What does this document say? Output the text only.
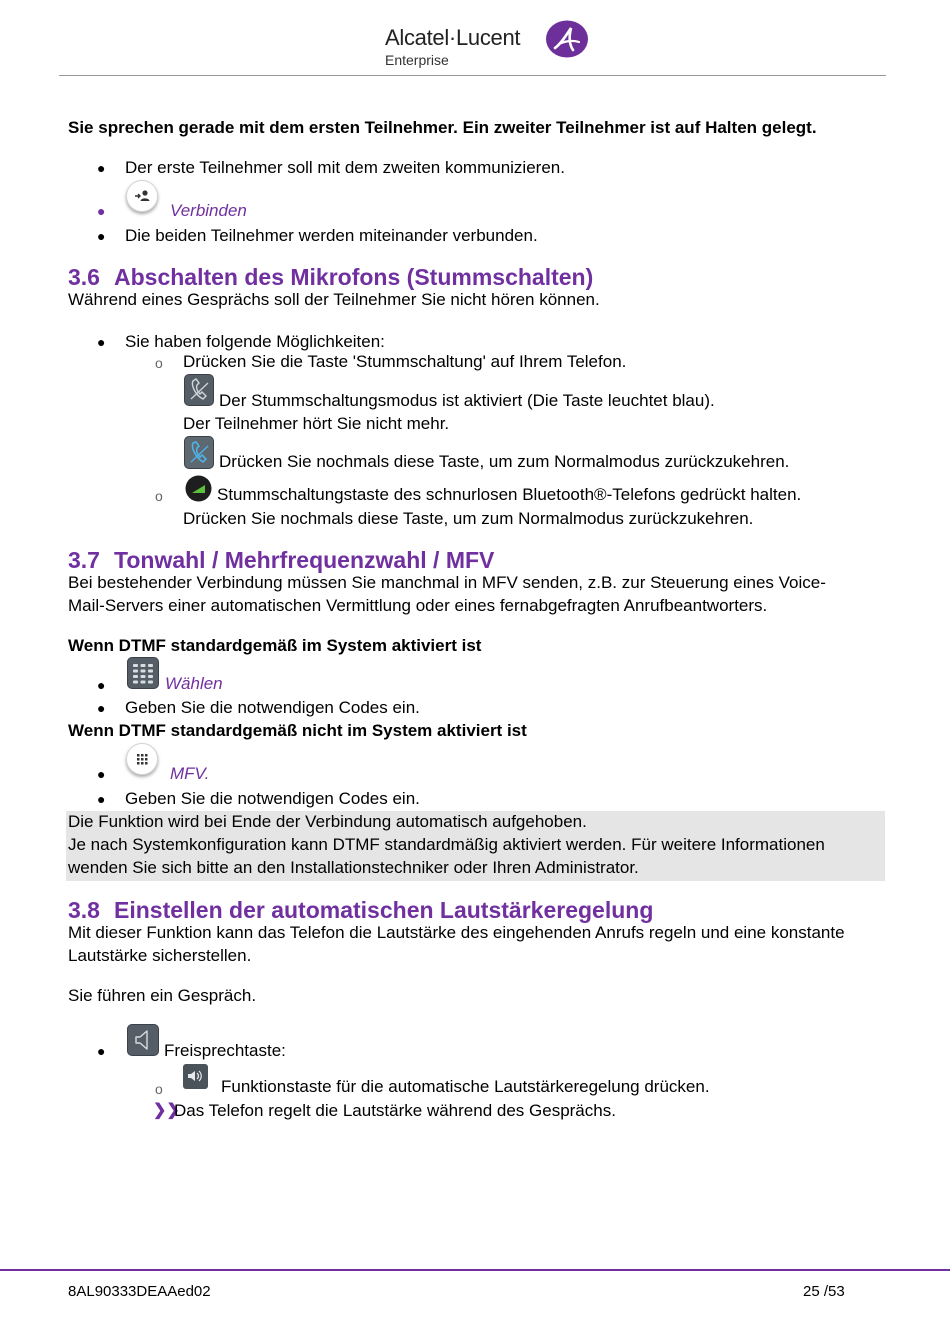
Alcatel·Lucent
Enterprise
Sie sprechen gerade mit dem ersten Teilnehmer. Ein zweiter Teilnehmer ist auf Halten gelegt.
● Der erste Teilnehmer soll mit dem zweiten kommunizieren.
●	Verbinden
● Die beiden Teilnehmer werden miteinander verbunden.
3.6 Abschalten des Mikrofons (Stummschalten)
Während eines Gesprächs soll der Teilnehmer Sie nicht hören können.
● Sie haben folgende Möglichkeiten:
o Drücken Sie die Taste 'Stummschaltung' auf Ihrem Telefon.
Der Stummschaltungsmodus ist aktiviert (Die Taste leuchtet blau).
Der Teilnehmer hört Sie nicht mehr.
Drücken Sie nochmals diese Taste, um zum Normalmodus zurückzukehren.
o	Stummschaltungstaste des schnurlosen Bluetooth®-Telefons gedrückt halten.
Drücken Sie nochmals diese Taste, um zum Normalmodus zurückzukehren.
3.7 Tonwahl / Mehrfrequenzwahl / MFV
Bei bestehender Verbindung müssen Sie manchmal in MFV senden, z.B. zur Steuerung eines Voice-
Mail-Servers einer automatischen Vermittlung oder eines fernabgefragten Anrufbeantworters.
Wenn DTMF standardgemäß im System aktiviert ist
●	Wählen
● Geben Sie die notwendigen Codes ein.
Wenn DTMF standardgemäß nicht im System aktiviert ist
●	MFV.
● Geben Sie die notwendigen Codes ein.
Die Funktion wird bei Ende der Verbindung automatisch aufgehoben.
Je nach Systemkonfiguration kann DTMF standardmäßig aktiviert werden. Für weitere Informationen
wenden Sie sich bitte an den Installationstechniker oder Ihren Administrator.
3.8 Einstellen der automatischen Lautstärkeregelung
Mit dieser Funktion kann das Telefon die Lautstärke des eingehenden Anrufs regeln und eine konstante
Lautstärke sicherstellen.
Sie führen ein Gespräch.
●	Freisprechtaste:
o	Funktionstaste für die automatische Lautstärkeregelung drücken.
❯❯
Das Telefon regelt die Lautstärke während des Gesprächs.
8AL90333DEAAed02	25 /53
